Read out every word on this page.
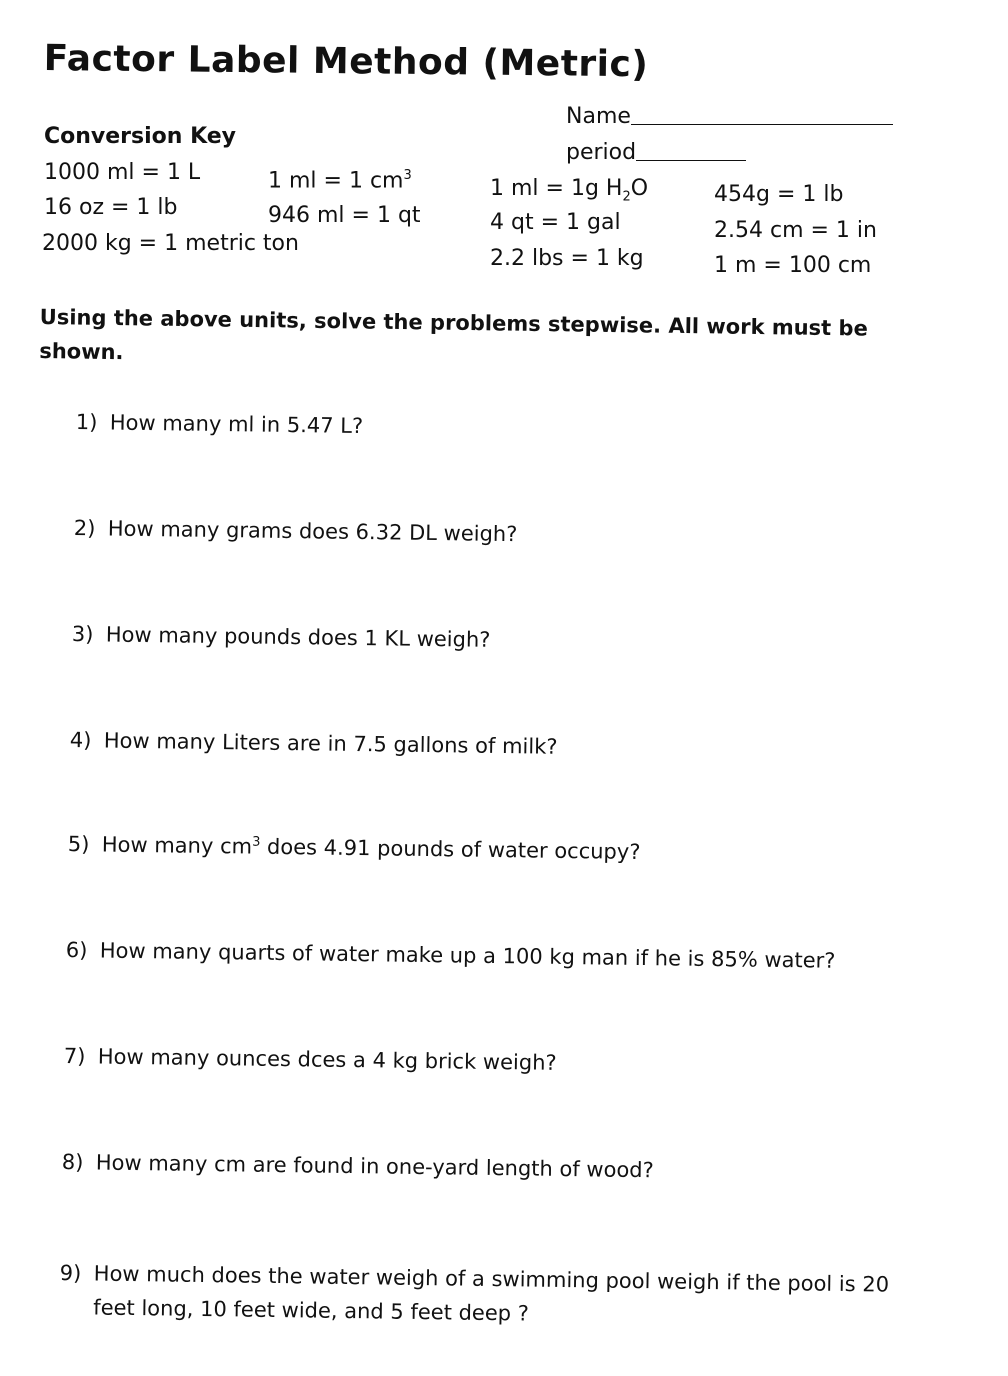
Factor Label Method (Metric)
Name
period
Conversion Key
1000 ml = 1 L
16 oz = 1 lb
2000 kg = 1 metric ton
1 ml = 1 $cm^3$
946 ml = 1 qt
1 ml = 1g $H_2O$
4 qt = 1 gal
2.2 lbs = 1 kg
454g = 1 lb
2.54 cm = 1 in
1 m = 100 cm
Using the above units, solve the problems stepwise. All work must be shown.
1) How many ml in 5.47 L?
2) How many grams does 6.32 DL weigh?
3) How many pounds does 1 KL weigh?
4) How many Liters are in 7.5 gallons of milk?
5) How many $cm^3$ does 4.91 pounds of water occupy?
6) How many quarts of water make up a 100 kg man if he is 85% water?
7) How many ounces dces a 4 kg brick weigh?
8) How many cm are found in one-yard length of wood?
9) How much does the water weigh of a swimming pool weigh if the pool is 20 feet long, 10 feet wide, and 5 feet deep ?
